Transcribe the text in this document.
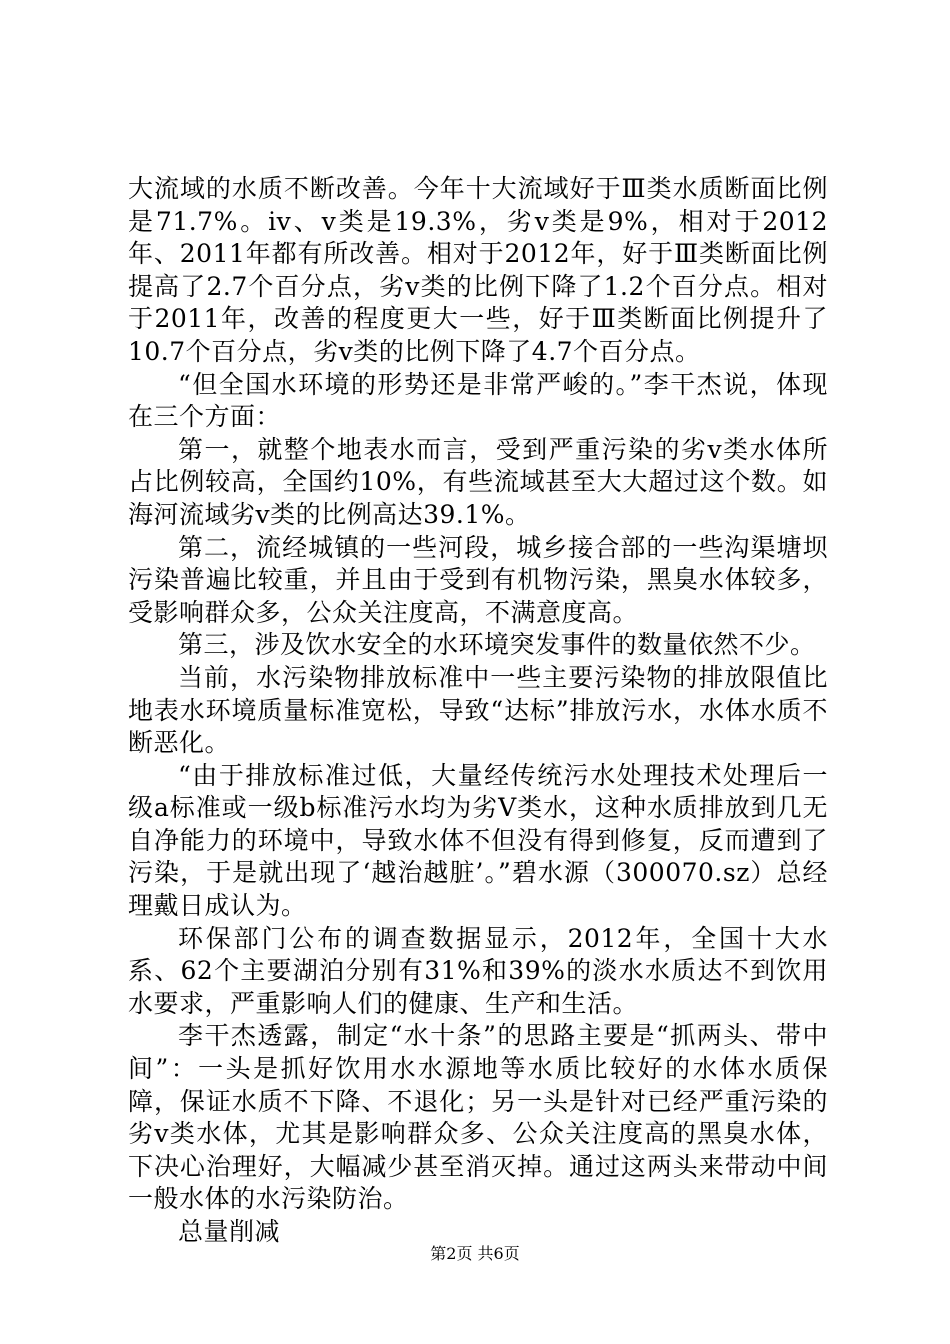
大流域的水质不断改善。今年十大流域好于Ⅲ类水质断面比例是71.7%。iv、v类是19.3%，劣v类是9%，相对于2012年、2011年都有所改善。相对于2012年，好于Ⅲ类断面比例提高了2.7个百分点，劣v类的比例下降了1.2个百分点。相对于2011年，改善的程度更大一些，好于Ⅲ类断面比例提升了10.7个百分点，劣v类的比例下降了4.7个百分点。

“但全国水环境的形势还是非常严峻的。”李干杰说，体现在三个方面：

第一，就整个地表水而言，受到严重污染的劣v类水体所占比例较高，全国约10%，有些流域甚至大大超过这个数。如海河流域劣v类的比例高达39.1%。

第二，流经城镇的一些河段，城乡接合部的一些沟渠塘坝污染普遍比较重，并且由于受到有机物污染，黑臭水体较多，受影响群众多，公众关注度高，不满意度高。

第三，涉及饮水安全的水环境突发事件的数量依然不少。

当前，水污染物排放标准中一些主要污染物的排放限值比地表水环境质量标准宽松，导致“达标”排放污水，水体水质不断恶化。

“由于排放标准过低，大量经传统污水处理技术处理后一级a标准或一级b标准污水均为劣Ⅴ类水，这种水质排放到几无自净能力的环境中，导致水体不但没有得到修复，反而遭到了污染，于是就出现了‘越治越脏’。”碧水源（300070.sz）总经理戴日成认为。

环保部门公布的调查数据显示，2012年，全国十大水系、62个主要湖泊分别有31%和39%的淡水水质达不到饮用水要求，严重影响人们的健康、生产和生活。

李干杰透露，制定“水十条”的思路主要是“抓两头、带中间”：一头是抓好饮用水水源地等水质比较好的水体水质保障，保证水质不下降、不退化；另一头是针对已经严重污染的劣v类水体，尤其是影响群众多、公众关注度高的黑臭水体，下决心治理好，大幅减少甚至消灭掉。通过这两头来带动中间一般水体的水污染防治。

总量削减

第2页 共6页
